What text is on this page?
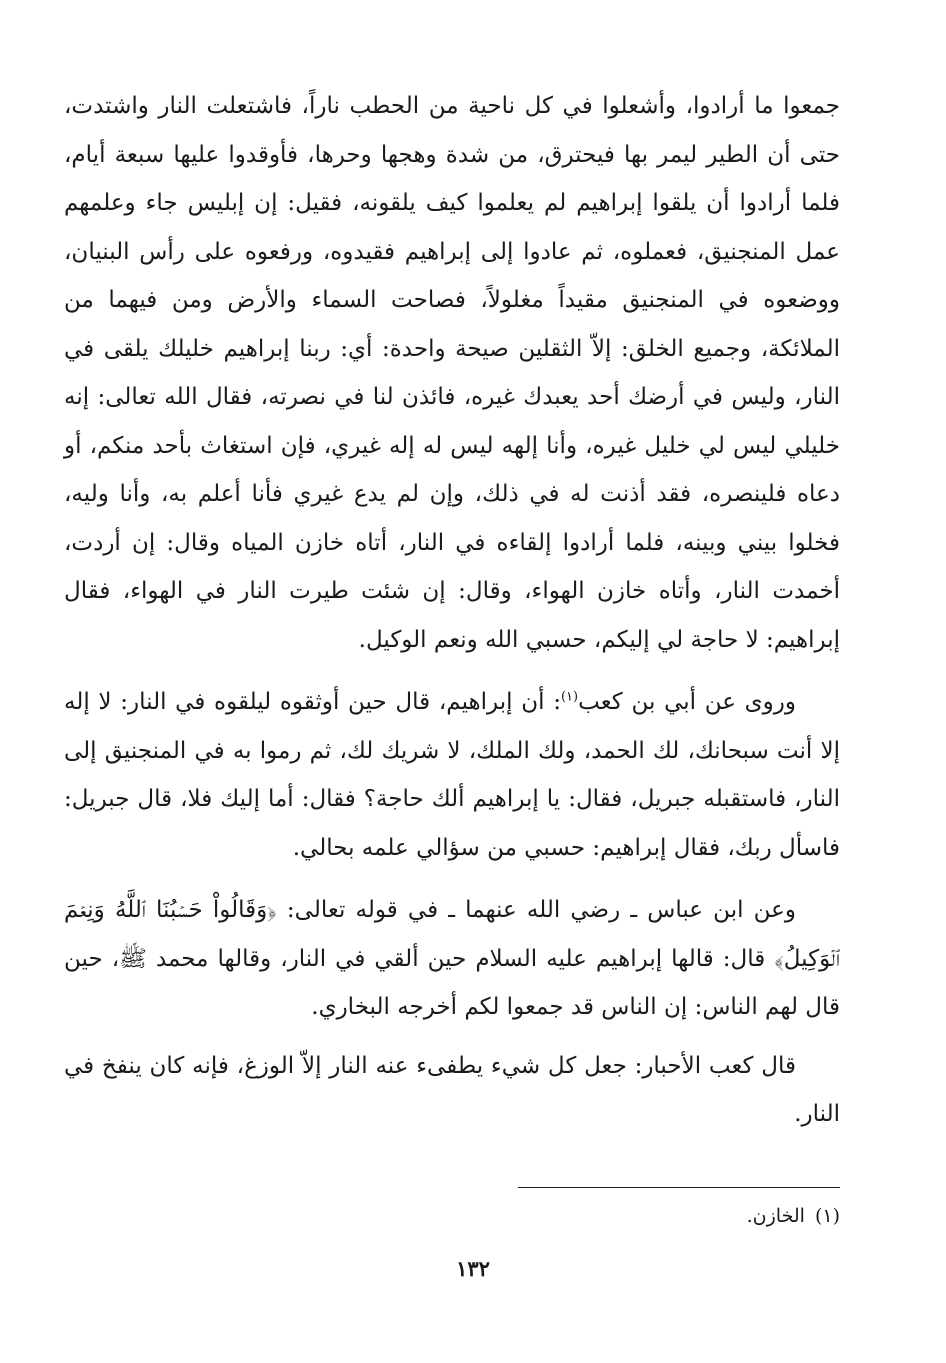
جمعوا ما أرادوا، وأشعلوا في كل ناحية من الحطب ناراً، فاشتعلت النار واشتدت، حتى أن الطير ليمر بها فيحترق، من شدة وهجها وحرها، فأوقدوا عليها سبعة أيام، فلما أرادوا أن يلقوا إبراهيم لم يعلموا كيف يلقونه، فقيل: إن إبليس جاء وعلمهم عمل المنجنيق، فعملوه، ثم عادوا إلى إبراهيم فقيدوه، ورفعوه على رأس البنيان، ووضعوه في المنجنيق مقيداً مغلولاً، فصاحت السماء والأرض ومن فيهما من الملائكة، وجميع الخلق: إلاّ الثقلين صيحة واحدة: أي: ربنا إبراهيم خليلك يلقى في النار، وليس في أرضك أحد يعبدك غيره، فائذن لنا في نصرته، فقال الله تعالى: إنه خليلي ليس لي خليل غيره، وأنا إلهه ليس له إله غيري، فإن استغاث بأحد منكم، أو دعاه فلينصره، فقد أذنت له في ذلك، وإن لم يدع غيري فأنا أعلم به، وأنا وليه، فخلوا بيني وبينه، فلما أرادوا إلقاءه في النار، أتاه خازن المياه وقال: إن أردت، أخمدت النار، وأتاه خازن الهواء، وقال: إن شئت طيرت النار في الهواء، فقال إبراهيم: لا حاجة لي إليكم، حسبي الله ونعم الوكيل.

وروى عن أبي بن كعب$^{(١)}$: أن إبراهيم، قال حين أوثقوه ليلقوه في النار: لا إله إلا أنت سبحانك، لك الحمد، ولك الملك، لا شريك لك، ثم رموا به في المنجنيق إلى النار، فاستقبله جبريل، فقال: يا إبراهيم ألك حاجة؟ فقال: أما إليك فلا، قال جبريل: فاسأل ربك، فقال إبراهيم: حسبي من سؤالي علمه بحالي.

وعن ابن عباس ـ رضي الله عنهما ـ في قوله تعالى: ﴿وَقَالُواْ حَسۡبُنَا ٱللَّهُ وَنِعۡمَ ٱلۡوَكِيلُ﴾ قال: قالها إبراهيم عليه السلام حين ألقي في النار، وقالها محمد ﷺ، حين قال لهم الناس: إن الناس قد جمعوا لكم أخرجه البخاري.

قال كعب الأحبار: جعل كل شيء يطفىء عنه النار إلاّ الوزغ، فإنه كان ينفخ في النار.

(١)الخازن.
١٣٢
